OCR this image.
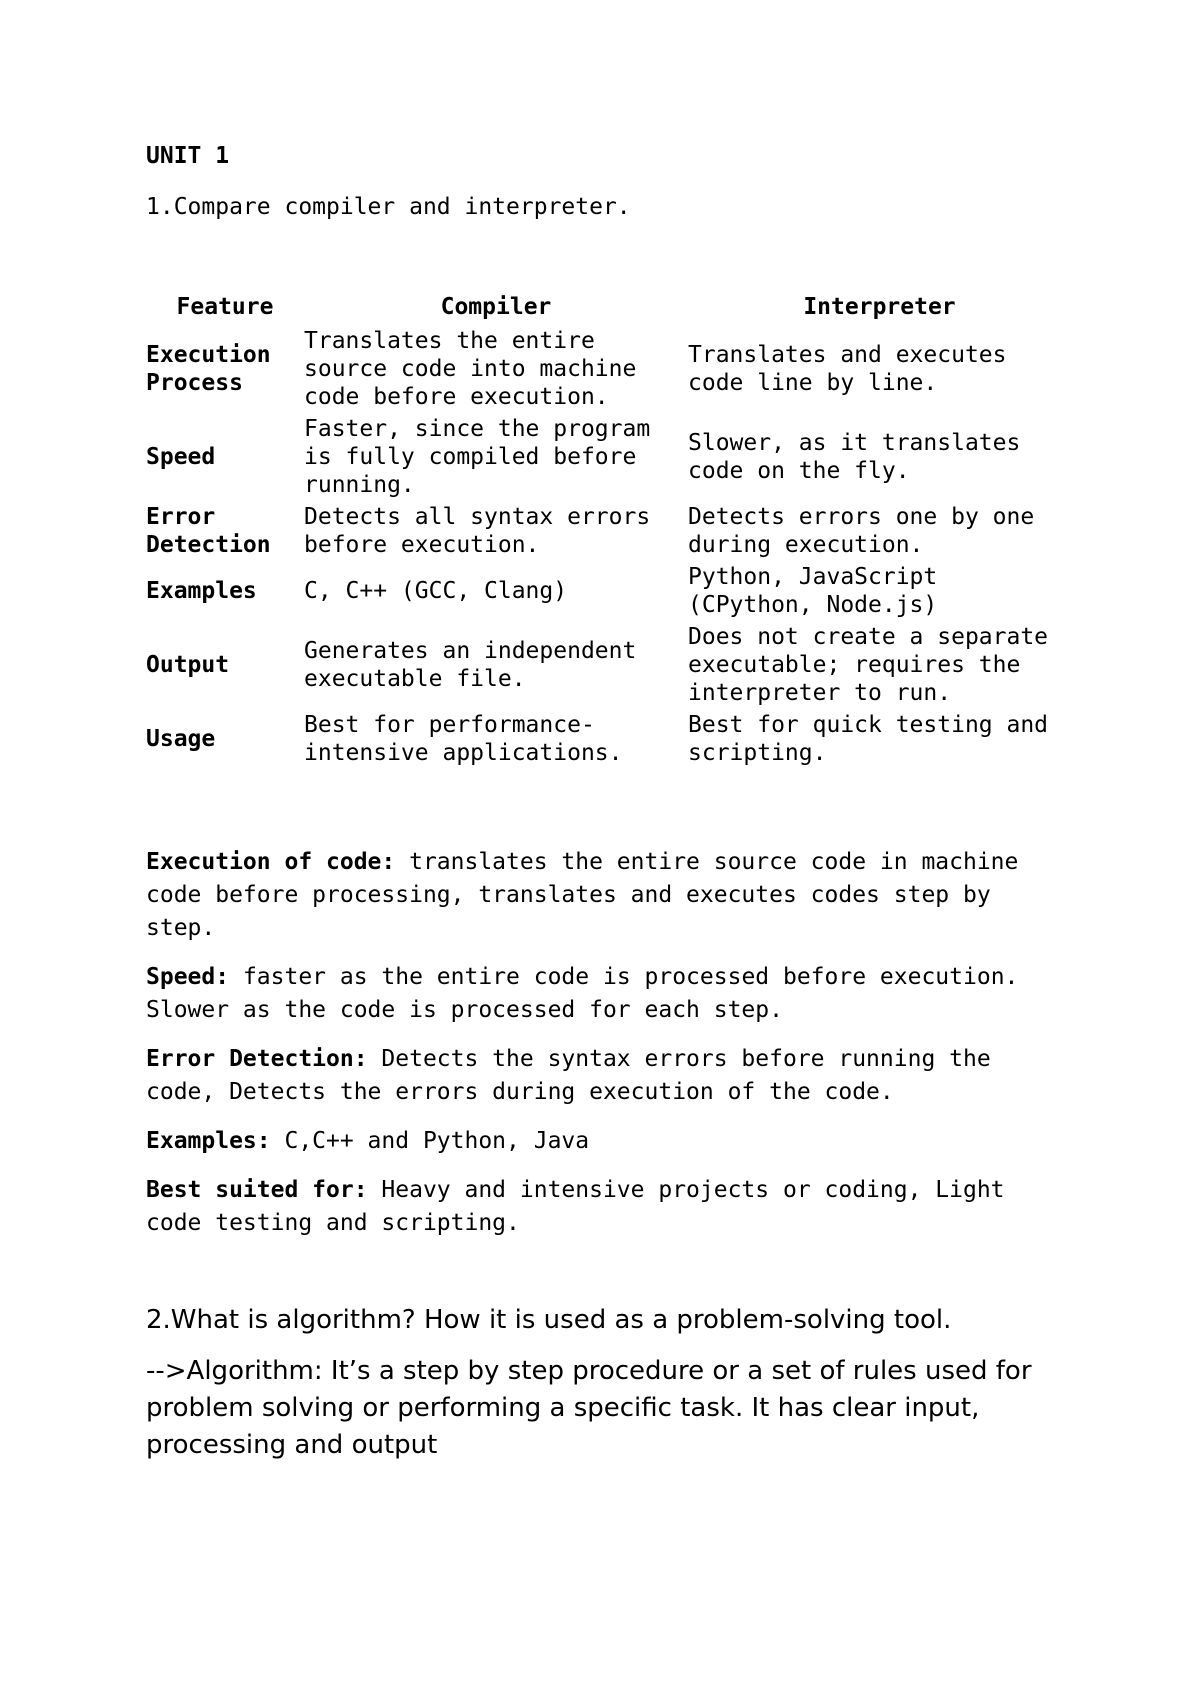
UNIT 1
1.Compare compiler and interpreter.
Feature	Compiler	Interpreter
Execution Process	Translates the entire source code into machine code before execution.	Translates and executes code line by line.
Speed	Faster, since the program is fully compiled before running.	Slower, as it translates code on the fly.
Error Detection	Detects all syntax errors before execution.	Detects errors one by one during execution.
Examples	C, C++ (GCC, Clang)	Python, JavaScript (CPython, Node.js)
Output	Generates an independent executable file.	Does not create a separate executable; requires the interpreter to run.
Usage	Best for performance-intensive applications.	Best for quick testing and scripting.

Execution of code: translates the entire source code in machine code before processing, translates and executes codes step by step.

Speed: faster as the entire code is processed before execution. Slower as the code is processed for each step.

Error Detection: Detects the syntax errors before running the code, Detects the errors during execution of the code.

Examples: C,C++ and Python, Java

Best suited for: Heavy and intensive projects or coding, Light code testing and scripting.

2.What is algorithm? How it is used as a problem-solving tool.

-->Algorithm: It’s a step by step procedure or a set of rules used for problem solving or performing a specific task. It has clear input, processing and output
